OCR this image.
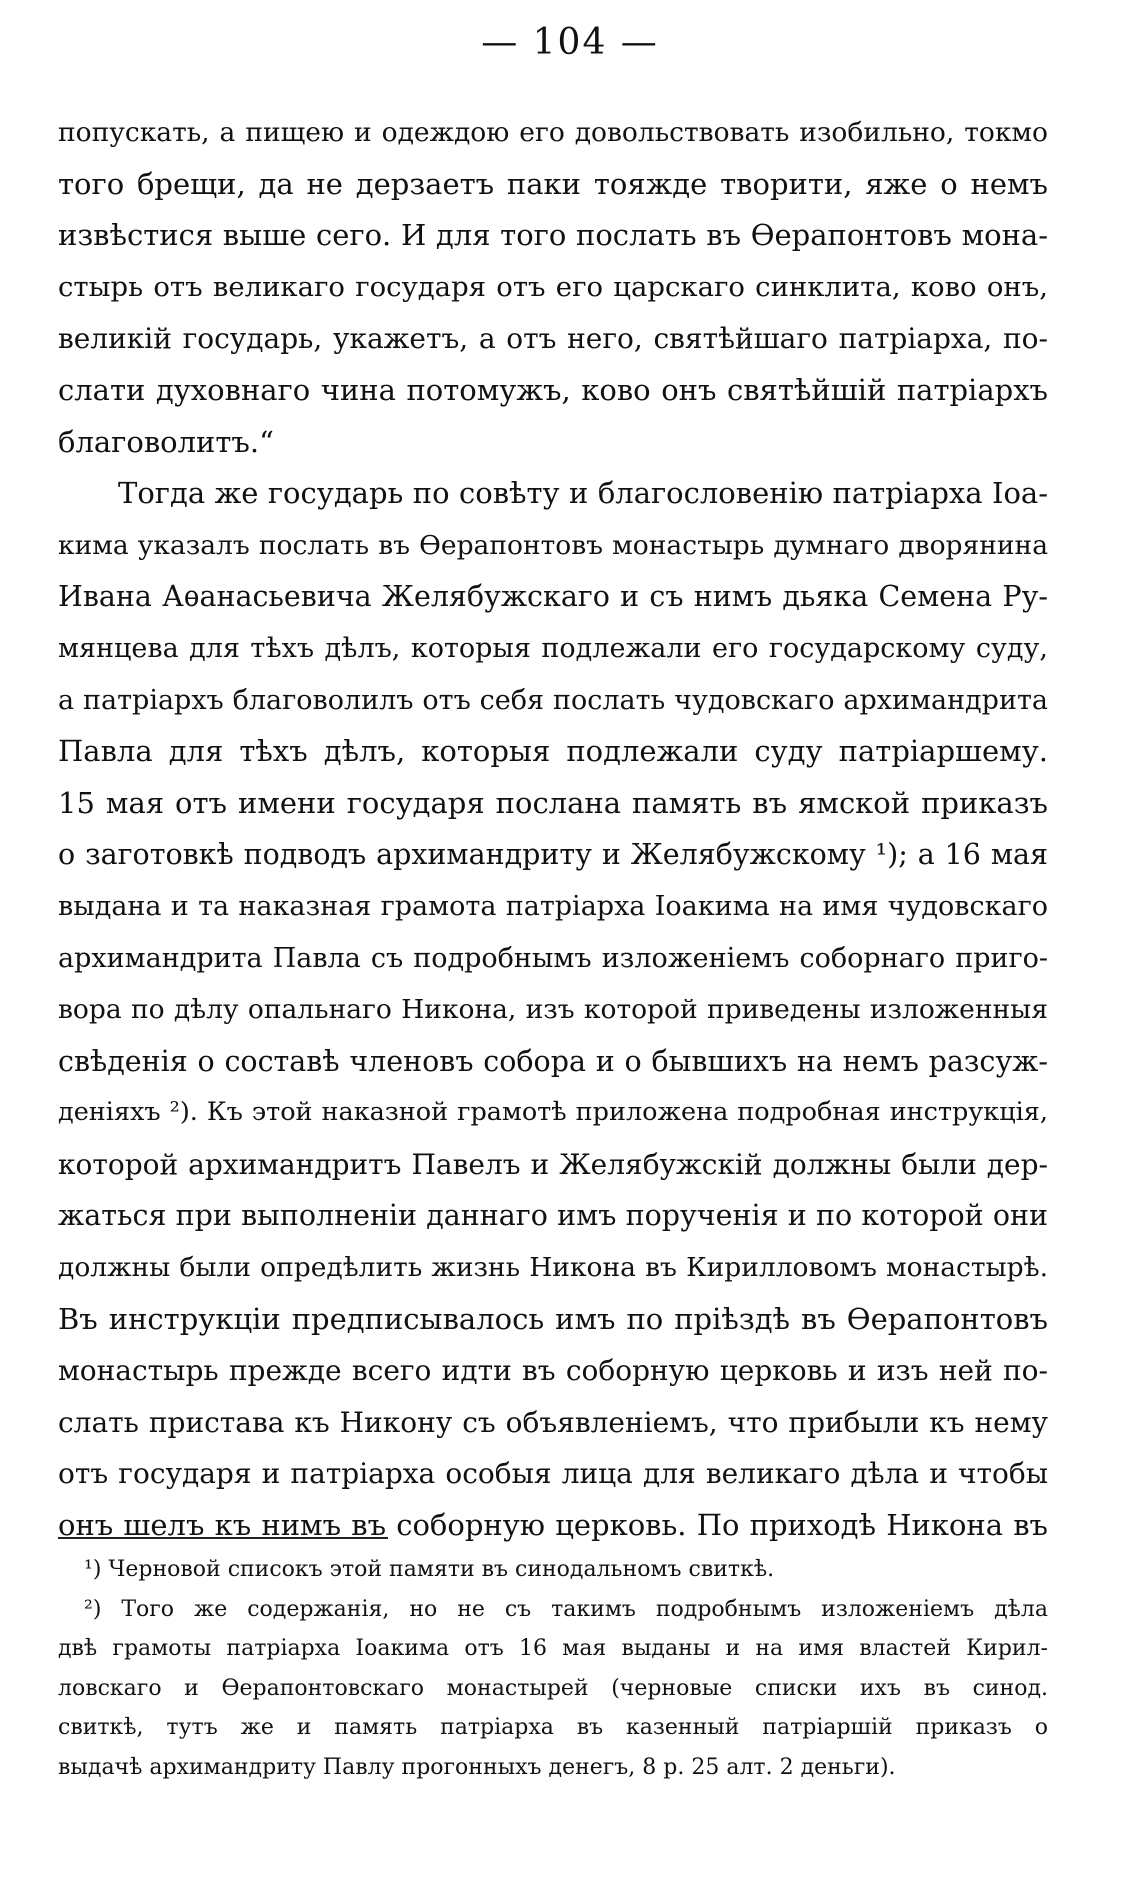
— 104 —
попускать, а пищею и одеждою его довольствовать изобильно, токмо
того брещи, да не дерзаетъ паки тояжде творити, яже о немъ
извѣстися выше сего. И для того послать въ Ѳерапонтовъ мона-
стырь отъ великаго государя отъ его царскаго синклита, ково онъ,
великій государь, укажетъ, а отъ него, святѣйшаго патріарха, по-
слати духовнаго чина потомужъ, ково онъ святѣйшій патріархъ
благоволитъ.“
Тогда же государь по совѣту и благословенію патріарха Іоа-
кима указалъ послать въ Ѳерапонтовъ монастырь думнаго дворянина
Ивана Аѳанасьевича Желябужскаго и съ нимъ дьяка Семена Ру-
мянцева для тѣхъ дѣлъ, которыя подлежали его государскому суду,
а патріархъ благоволилъ отъ себя послать чудовскаго архимандрита
Павла для тѣхъ дѣлъ, которыя подлежали суду патріаршему.
15 мая отъ имени государя послана память въ ямской приказъ
о заготовкѣ подводъ архимандриту и Желябужскому ¹); а 16 мая
выдана и та наказная грамота патріарха Іоакима на имя чудовскаго
архимандрита Павла съ подробнымъ изложеніемъ соборнаго приго-
вора по дѣлу опальнаго Никона, изъ которой приведены изложенныя
свѣденія о составѣ членовъ собора и о бывшихъ на немъ разсуж-
деніяхъ ²). Къ этой наказной грамотѣ приложена подробная инструкція,
которой архимандритъ Павелъ и Желябужскій должны были дер-
жаться при выполненіи даннаго имъ порученія и по которой они
должны были опредѣлить жизнь Никона въ Кирилловомъ монастырѣ.
Въ инструкціи предписывалось имъ по пріѣздѣ въ Ѳерапонтовъ
монастырь прежде всего идти въ соборную церковь и изъ ней по-
слать пристава къ Никону съ объявленіемъ, что прибыли къ нему
отъ государя и патріарха особыя лица для великаго дѣла и чтобы
онъ шелъ къ нимъ въ соборную церковь. По приходѣ Никона въ
¹) Черновой списокъ этой памяти въ синодальномъ свиткѣ.
²) Того же содержанія, но не съ такимъ подробнымъ изложеніемъ дѣла
двѣ грамоты патріарха Іоакима отъ 16 мая выданы и на имя властей Кирил-
ловскаго и Ѳерапонтовскаго монастырей (черновые списки ихъ въ синод.
свиткѣ, тутъ же и память патріарха въ казенный патріаршій приказъ о
выдачѣ архимандриту Павлу прогонныхъ денегъ, 8 р. 25 алт. 2 деньги).
